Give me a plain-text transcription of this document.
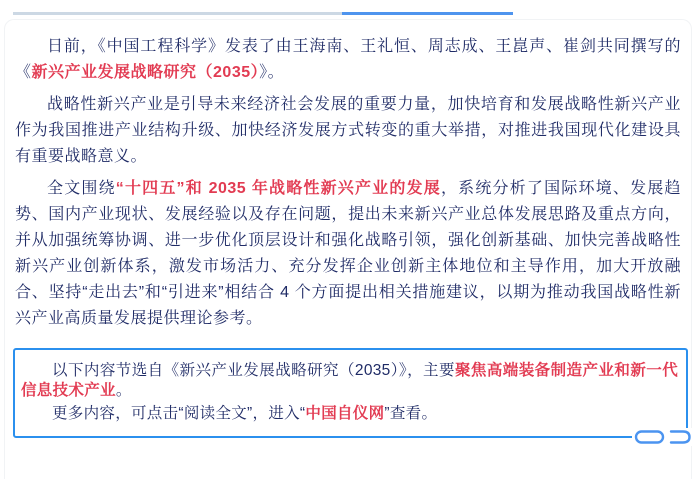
日前，《中国工程科学》发表了由王海南、王礼恒、周志成、王崑声、崔剑共同撰写的《新兴产业发展战略研究（2035）》。

战略性新兴产业是引导未来经济社会发展的重要力量，加快培育和发展战略性新兴产业作为我国推进产业结构升级、加快经济发展方式转变的重大举措，对推进我国现代化建设具有重要战略意义。

全文围绕“十四五”和 2035 年战略性新兴产业的发展，系统分析了国际环境、发展趋势、国内产业现状、发展经验以及存在问题，提出未来新兴产业总体发展思路及重点方向，并从加强统筹协调、进一步优化顶层设计和强化战略引领，强化创新基础、加快完善战略性新兴产业创新体系，激发市场活力、充分发挥企业创新主体地位和主导作用，加大开放融合、坚持“走出去”和“引进来”相结合 4 个方面提出相关措施建议，以期为推动我国战略性新兴产业高质量发展提供理论参考。

以下内容节选自《新兴产业发展战略研究（2035）》，主要聚焦高端装备制造产业和新一代信息技术产业。

更多内容，可点击“阅读全文”，进入“中国自仪网”查看。
